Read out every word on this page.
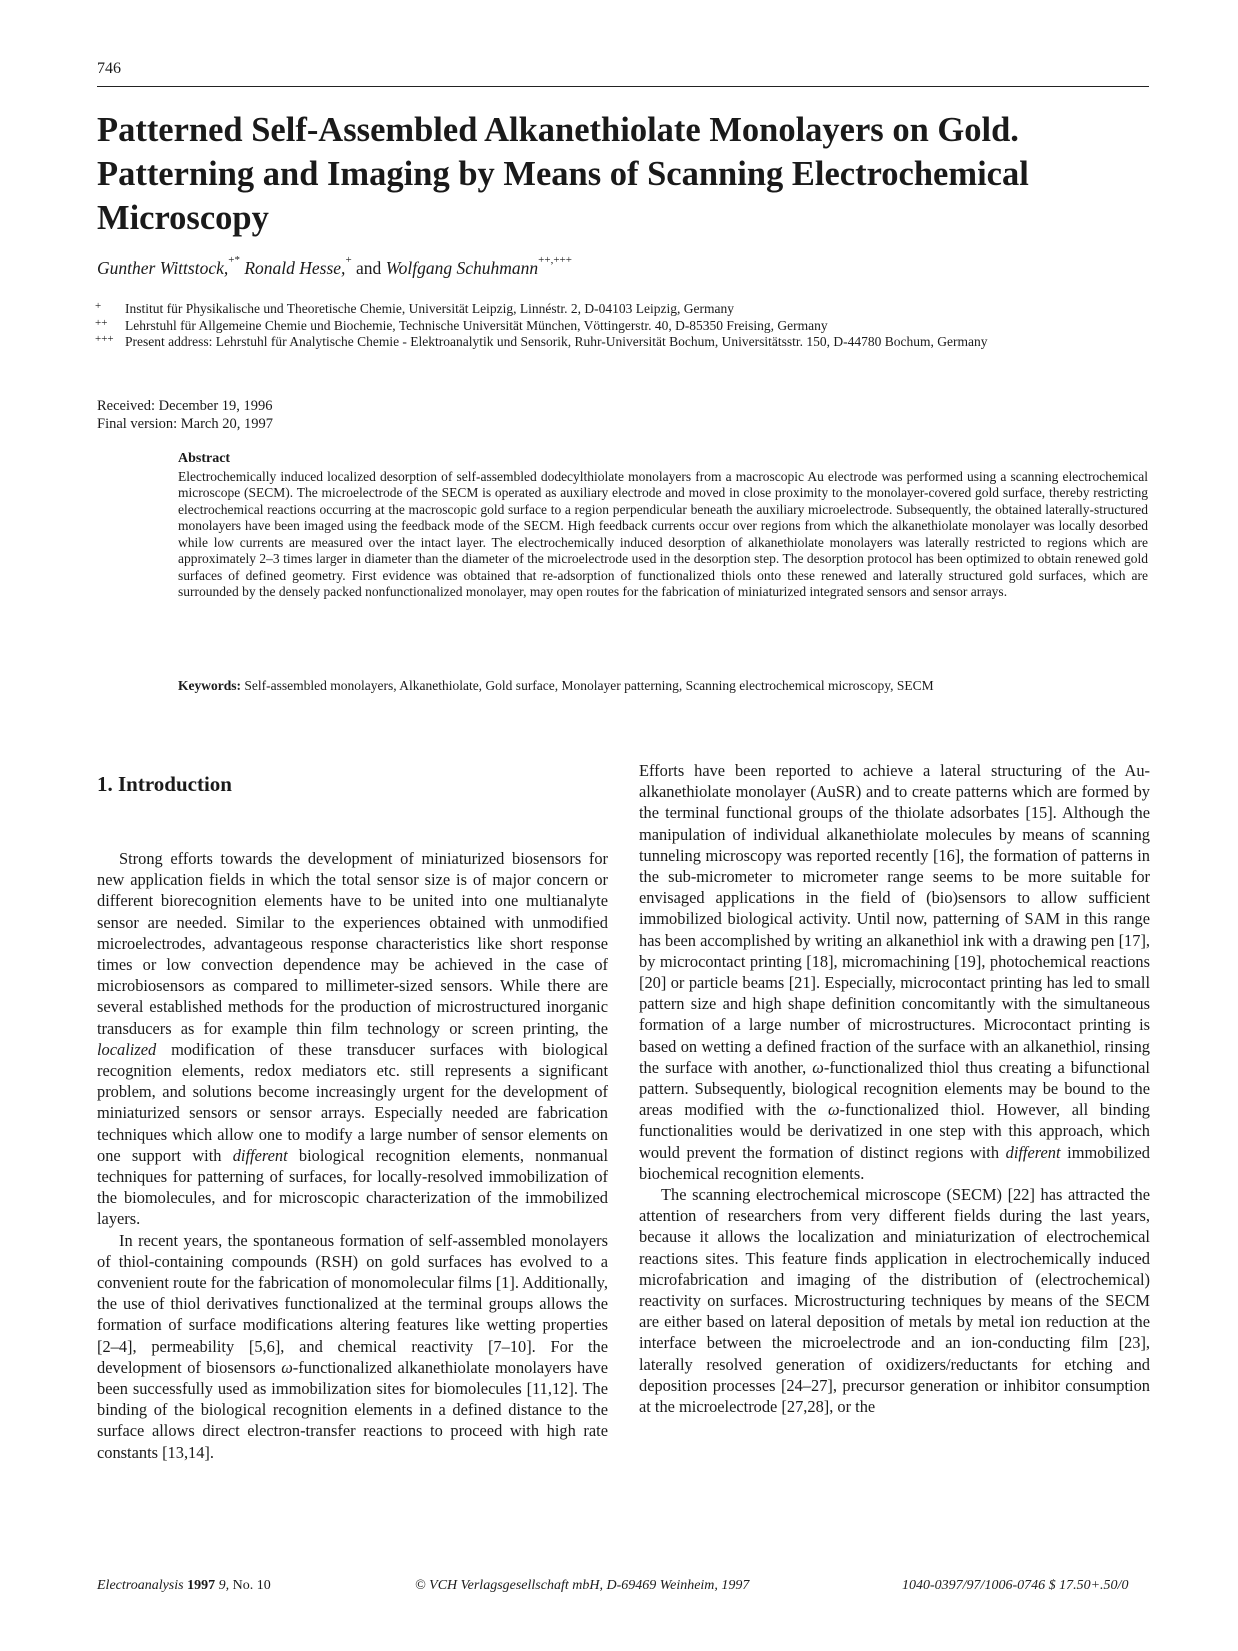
746
Patterned Self-Assembled Alkanethiolate Monolayers on Gold. Patterning and Imaging by Means of Scanning Electrochemical Microscopy
Gunther Wittstock,+* Ronald Hesse,+ and Wolfgang Schuhmann++,+++
+	Institut für Physikalische und Theoretische Chemie, Universität Leipzig, Linnéstr. 2, D-04103 Leipzig, Germany
++	Lehrstuhl für Allgemeine Chemie und Biochemie, Technische Universität München, Vöttingerstr. 40, D-85350 Freising, Germany
+++ Present address: Lehrstuhl für Analytische Chemie - Elektroanalytik und Sensorik, Ruhr-Universität Bochum, Universitätsstr. 150, D-44780 Bochum, Germany
Received: December 19, 1996
Final version: March 20, 1997
Abstract
Electrochemically induced localized desorption of self-assembled dodecylthiolate monolayers from a macroscopic Au electrode was performed using a scanning electrochemical microscope (SECM). The microelectrode of the SECM is operated as auxiliary electrode and moved in close proximity to the monolayer-covered gold surface, thereby restricting electrochemical reactions occurring at the macroscopic gold surface to a region perpendicular beneath the auxiliary microelectrode. Subsequently, the obtained laterally-structured monolayers have been imaged using the feedback mode of the SECM. High feedback currents occur over regions from which the alkanethiolate monolayer was locally desorbed while low currents are measured over the intact layer. The electrochemically induced desorption of alkanethiolate monolayers was laterally restricted to regions which are approximately 2–3 times larger in diameter than the diameter of the microelectrode used in the desorption step. The desorption protocol has been optimized to obtain renewed gold surfaces of defined geometry. First evidence was obtained that re-adsorption of functionalized thiols onto these renewed and laterally structured gold surfaces, which are surrounded by the densely packed nonfunctionalized monolayer, may open routes for the fabrication of miniaturized integrated sensors and sensor arrays.
Keywords: Self-assembled monolayers, Alkanethiolate, Gold surface, Monolayer patterning, Scanning electrochemical microscopy, SECM
1. Introduction

Strong efforts towards the development of miniaturized biosensors for new application fields in which the total sensor size is of major concern or different biorecognition elements have to be united into one multianalyte sensor are needed. Similar to the experiences obtained with unmodified microelectrodes, advantageous response characteristics like short response times or low convection dependence may be achieved in the case of microbiosensors as compared to millimeter-sized sensors. While there are several established methods for the production of microstructured inorganic transducers as for example thin film technology or screen printing, the localized modification of these transducer surfaces with biological recognition elements, redox mediators etc. still represents a significant problem, and solutions become increasingly urgent for the development of miniaturized sensors or sensor arrays. Especially needed are fabrication techniques which allow one to modify a large number of sensor elements on one support with different biological recognition elements, nonmanual techniques for patterning of surfaces, for locally-resolved immobilization of the biomolecules, and for microscopic characterization of the immobilized layers.

In recent years, the spontaneous formation of self-assembled monolayers of thiol-containing compounds (RSH) on gold surfaces has evolved to a convenient route for the fabrication of monomolecular films [1]. Additionally, the use of thiol derivatives functionalized at the terminal groups allows the formation of surface modifications altering features like wetting properties [2–4], permeability [5,6], and chemical reactivity [7–10]. For the development of biosensors ω-functionalized alkanethiolate monolayers have been successfully used as immobilization sites for biomolecules [11,12]. The binding of the biological recognition elements in a defined distance to the surface allows direct electron-transfer reactions to proceed with high rate constants [13,14].

Efforts have been reported to achieve a lateral structuring of the Au-alkanethiolate monolayer (AuSR) and to create patterns which are formed by the terminal functional groups of the thiolate adsorbates [15]. Although the manipulation of individual alkanethiolate molecules by means of scanning tunneling microscopy was reported recently [16], the formation of patterns in the sub-micrometer to micrometer range seems to be more suitable for envisaged applications in the field of (bio)sensors to allow sufficient immobilized biological activity. Until now, patterning of SAM in this range has been accomplished by writing an alkanethiol ink with a drawing pen [17], by microcontact printing [18], micromachining [19], photochemical reactions [20] or particle beams [21]. Especially, microcontact printing has led to small pattern size and high shape definition concomitantly with the simultaneous formation of a large number of microstructures. Microcontact printing is based on wetting a defined fraction of the surface with an alkanethiol, rinsing the surface with another, ω-functionalized thiol thus creating a bifunctional pattern. Subsequently, biological recognition elements may be bound to the areas modified with the ω-functionalized thiol. However, all binding functionalities would be derivatized in one step with this approach, which would prevent the formation of distinct regions with different immobilized biochemical recognition elements.

The scanning electrochemical microscope (SECM) [22] has attracted the attention of researchers from very different fields during the last years, because it allows the localization and miniaturization of electrochemical reactions sites. This feature finds application in electrochemically induced microfabrication and imaging of the distribution of (electrochemical) reactivity on surfaces. Microstructuring techniques by means of the SECM are either based on lateral deposition of metals by metal ion reduction at the interface between the microelectrode and an ion-conducting film [23], laterally resolved generation of oxidizers/reductants for etching and deposition processes [24–27], precursor generation or inhibitor consumption at the microelectrode [27,28], or the

Electroanalysis 1997 9, No. 10	© VCH Verlagsgesellschaft mbH, D-69469 Weinheim, 1997	1040-0397/97/1006-0746 $ 17.50+.50/0
